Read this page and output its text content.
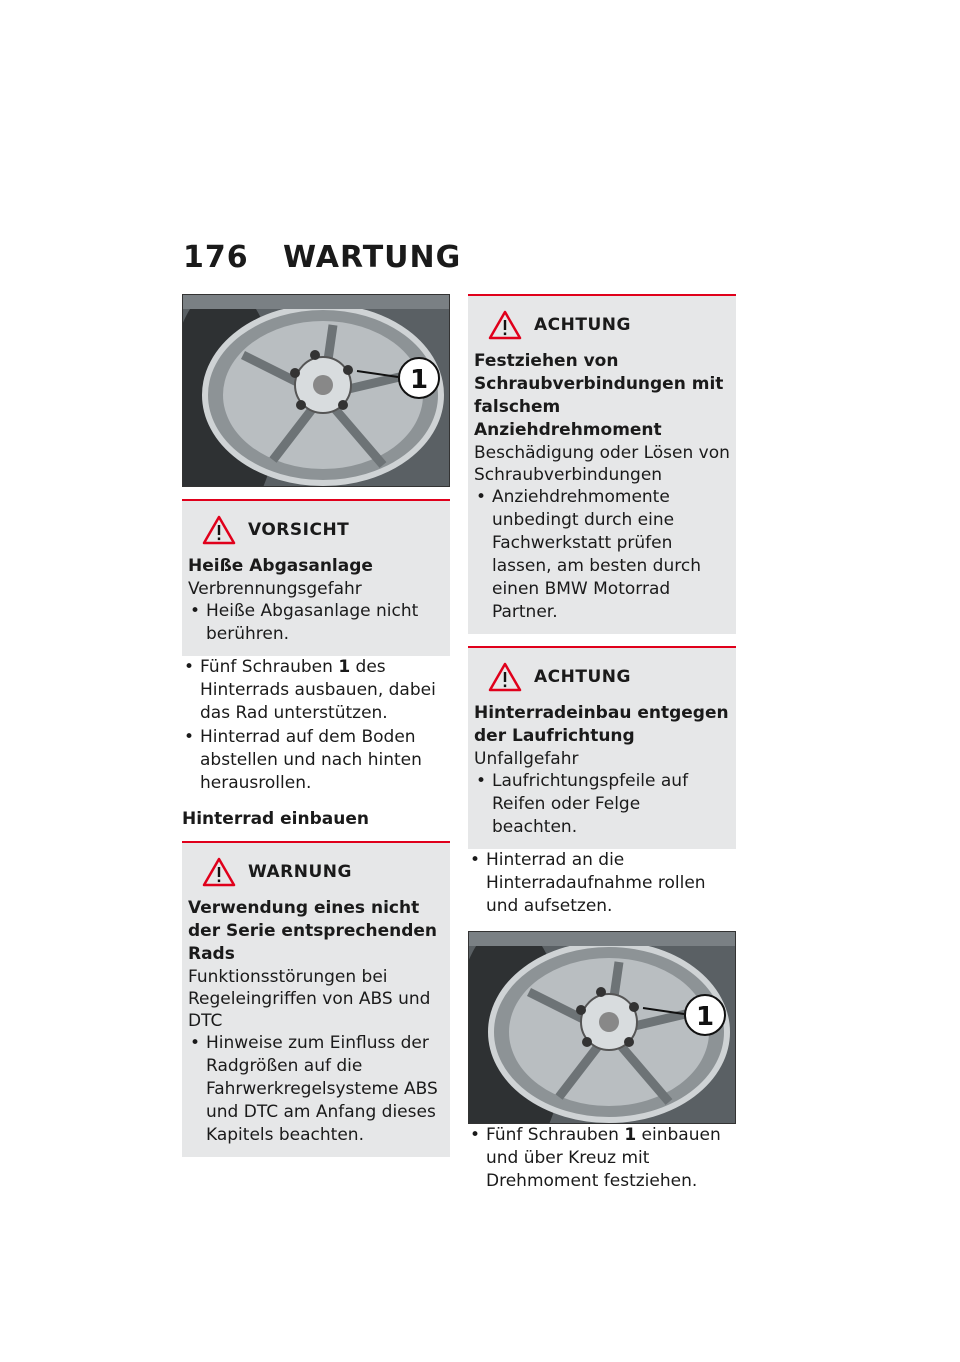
176 WARTUNG
1
VORSICHT
Heiße Abgasanlage
Verbrennungsgefahr
• Heiße Abgasanlage nicht berühren.
• Fünf Schrauben 1 des Hinterrads ausbauen, dabei das Rad unterstützen.
• Hinterrad auf dem Boden abstellen und nach hinten herausrollen.
Hinterrad einbauen
WARNUNG
Verwendung eines nicht der Serie entsprechenden Rads
Funktionsstörungen bei Regeleingriffen von ABS und DTC
• Hinweise zum Einfluss der Radgrößen auf die Fahrwerkregelsysteme ABS und DTC am Anfang dieses Kapitels beachten.
ACHTUNG
Festziehen von Schraubverbindungen mit falschem Anziehdrehmoment
Beschädigung oder Lösen von Schraubverbindungen
• Anziehdrehmomente unbedingt durch eine Fachwerkstatt prüfen lassen, am besten durch einen BMW Motorrad Partner.
ACHTUNG
Hinterradeinbau entgegen der Laufrichtung
Unfallgefahr
• Laufrichtungspfeile auf Reifen oder Felge beachten.
• Hinterrad an die Hinterradaufnahme rollen und aufsetzen.
1
• Fünf Schrauben 1 einbauen und über Kreuz mit Drehmoment festziehen.
